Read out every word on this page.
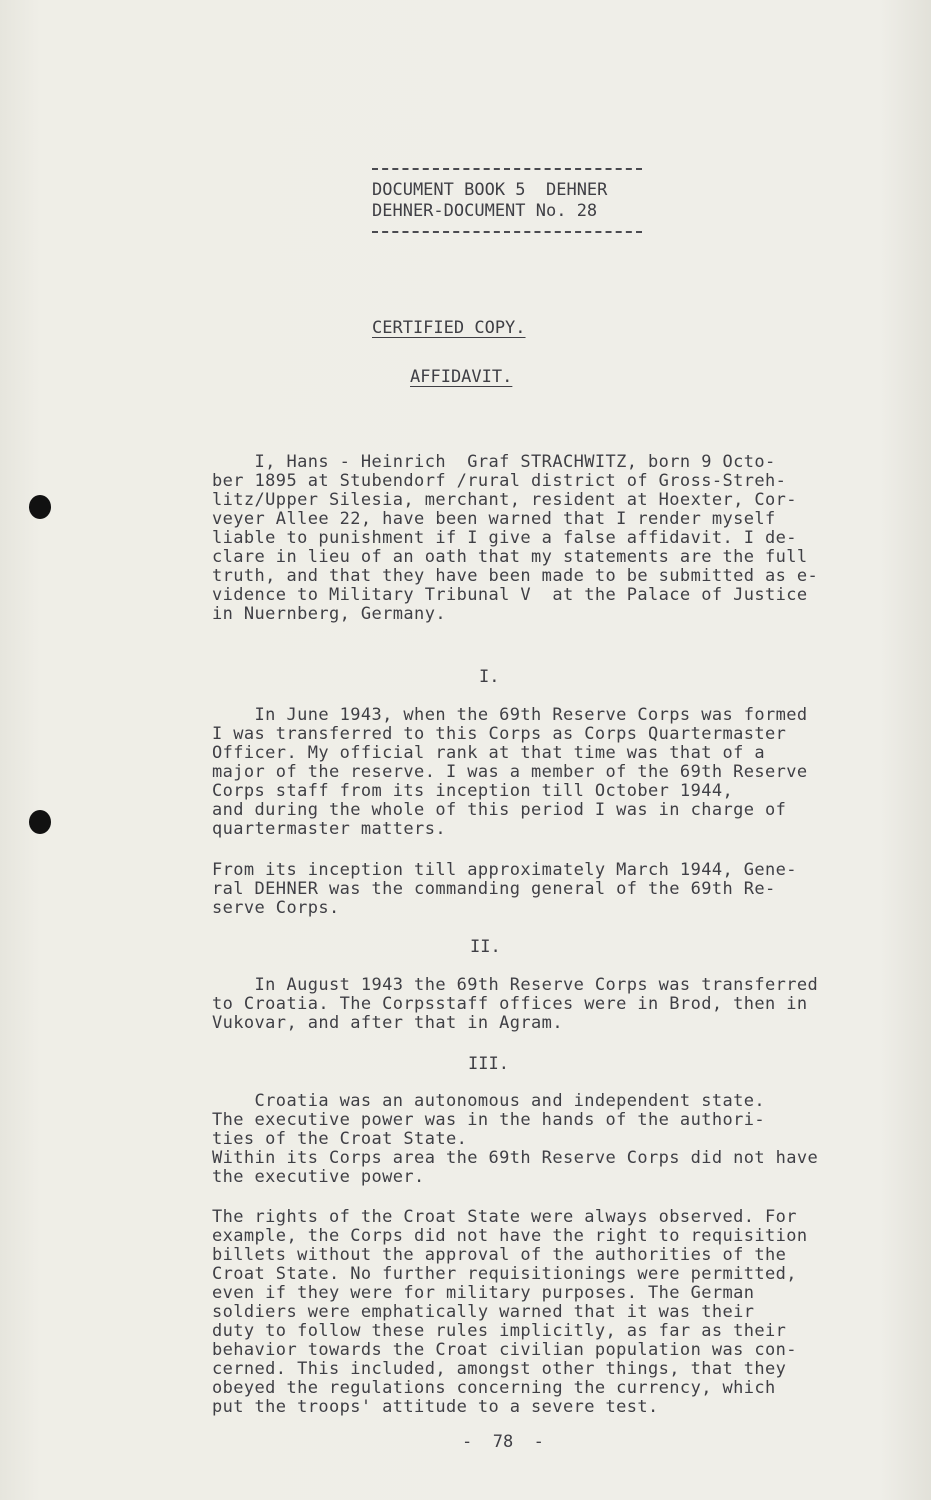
DOCUMENT BOOK 5  DEHNER
DEHNER-DOCUMENT No. 28
CERTIFIED COPY.
AFFIDAVIT.
I, Hans - Heinrich  Graf STRACHWITZ, born 9 Octo-
ber 1895 at Stubendorf /rural district of Gross-Streh-
litz/Upper Silesia, merchant, resident at Hoexter, Cor-
veyer Allee 22, have been warned that I render myself
liable to punishment if I give a false affidavit. I de-
clare in lieu of an oath that my statements are the full
truth, and that they have been made to be submitted as e-
vidence to Military Tribunal V  at the Palace of Justice
in Nuernberg, Germany.
I.
In June 1943, when the 69th Reserve Corps was formed
I was transferred to this Corps as Corps Quartermaster
Officer. My official rank at that time was that of a
major of the reserve. I was a member of the 69th Reserve
Corps staff from its inception till October 1944,
and during the whole of this period I was in charge of
quartermaster matters.
From its inception till approximately March 1944, Gene-
ral DEHNER was the commanding general of the 69th Re-
serve Corps.
II.
In August 1943 the 69th Reserve Corps was transferred
to Croatia. The Corpsstaff offices were in Brod, then in
Vukovar, and after that in Agram.
III.
Croatia was an autonomous and independent state.
The executive power was in the hands of the authori-
ties of the Croat State.
Within its Corps area the 69th Reserve Corps did not have
the executive power.
The rights of the Croat State were always observed. For
example, the Corps did not have the right to requisition
billets without the approval of the authorities of the
Croat State. No further requisitionings were permitted,
even if they were for military purposes. The German
soldiers were emphatically warned that it was their
duty to follow these rules implicitly, as far as their
behavior towards the Croat civilian population was con-
cerned. This included, amongst other things, that they
obeyed the regulations concerning the currency, which
put the troops' attitude to a severe test.
-  78  -
